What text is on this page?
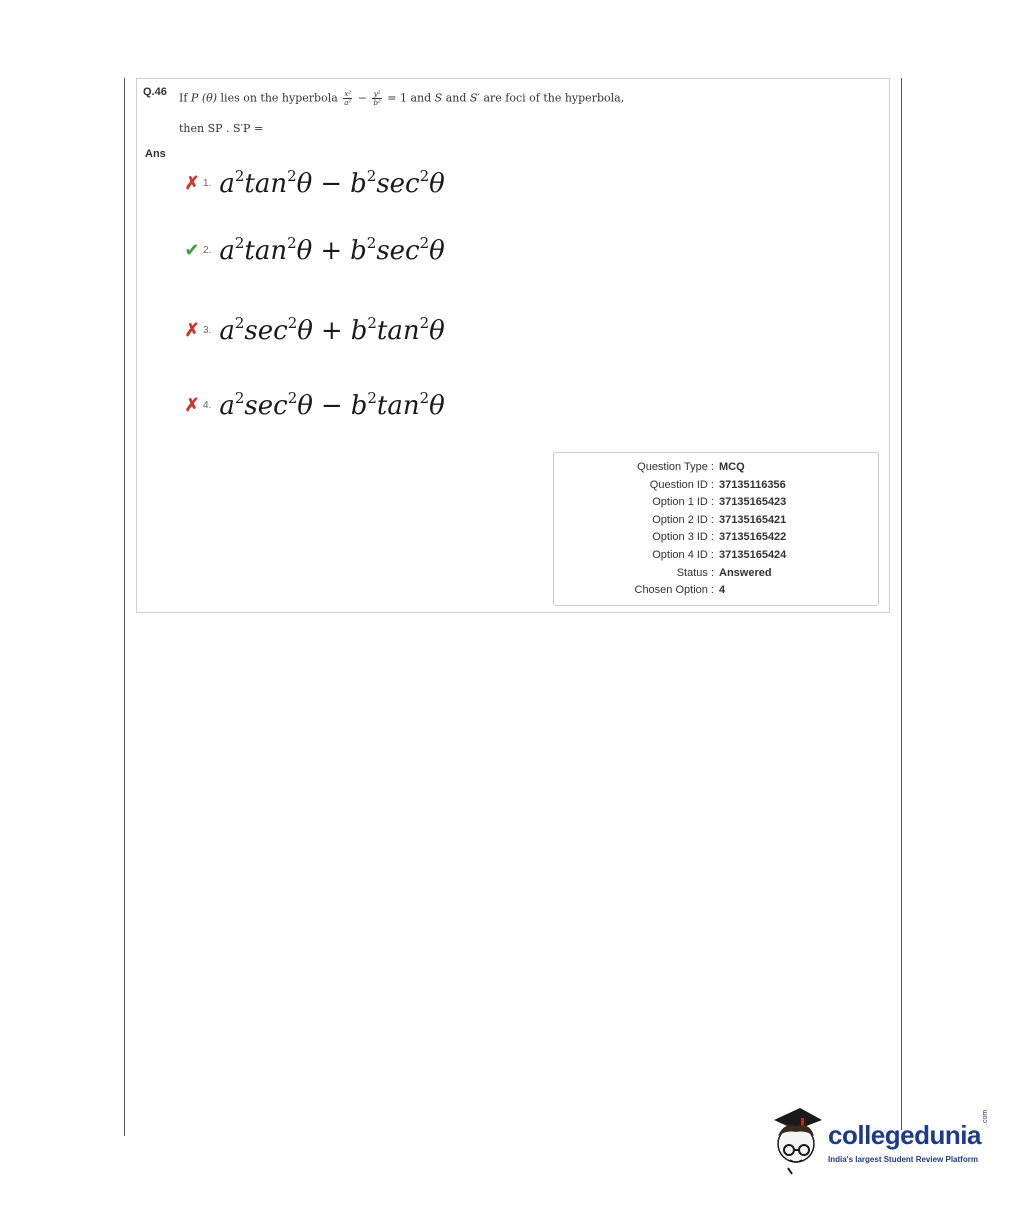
Q.46 If P (θ) lies on the hyperbola $\frac{\text{x²}}{\text{a²}} - \frac{\text{y²}}{\text{b²}} = 1$ and S and S′ are foci of the hyperbola,
then SP . S′P =
Ans
✗ 1. $a^2\tan^2\theta - b^2\sec^2\theta$
✔ 2. $a^2\tan^2\theta + b^2\sec^2\theta$
✗ 3. $a^2\sec^2\theta + b^2\tan^2\theta$
✗ 4. $a^2\sec^2\theta - b^2\tan^2\theta$
Question Type : MCQ
Question ID : 37135116356
Option 1 ID : 37135165423
Option 2 ID : 37135165421
Option 3 ID : 37135165422
Option 4 ID : 37135165424
Status : Answered
Chosen Option : 4
collegedunia
.com
India's largest Student Review Platform
